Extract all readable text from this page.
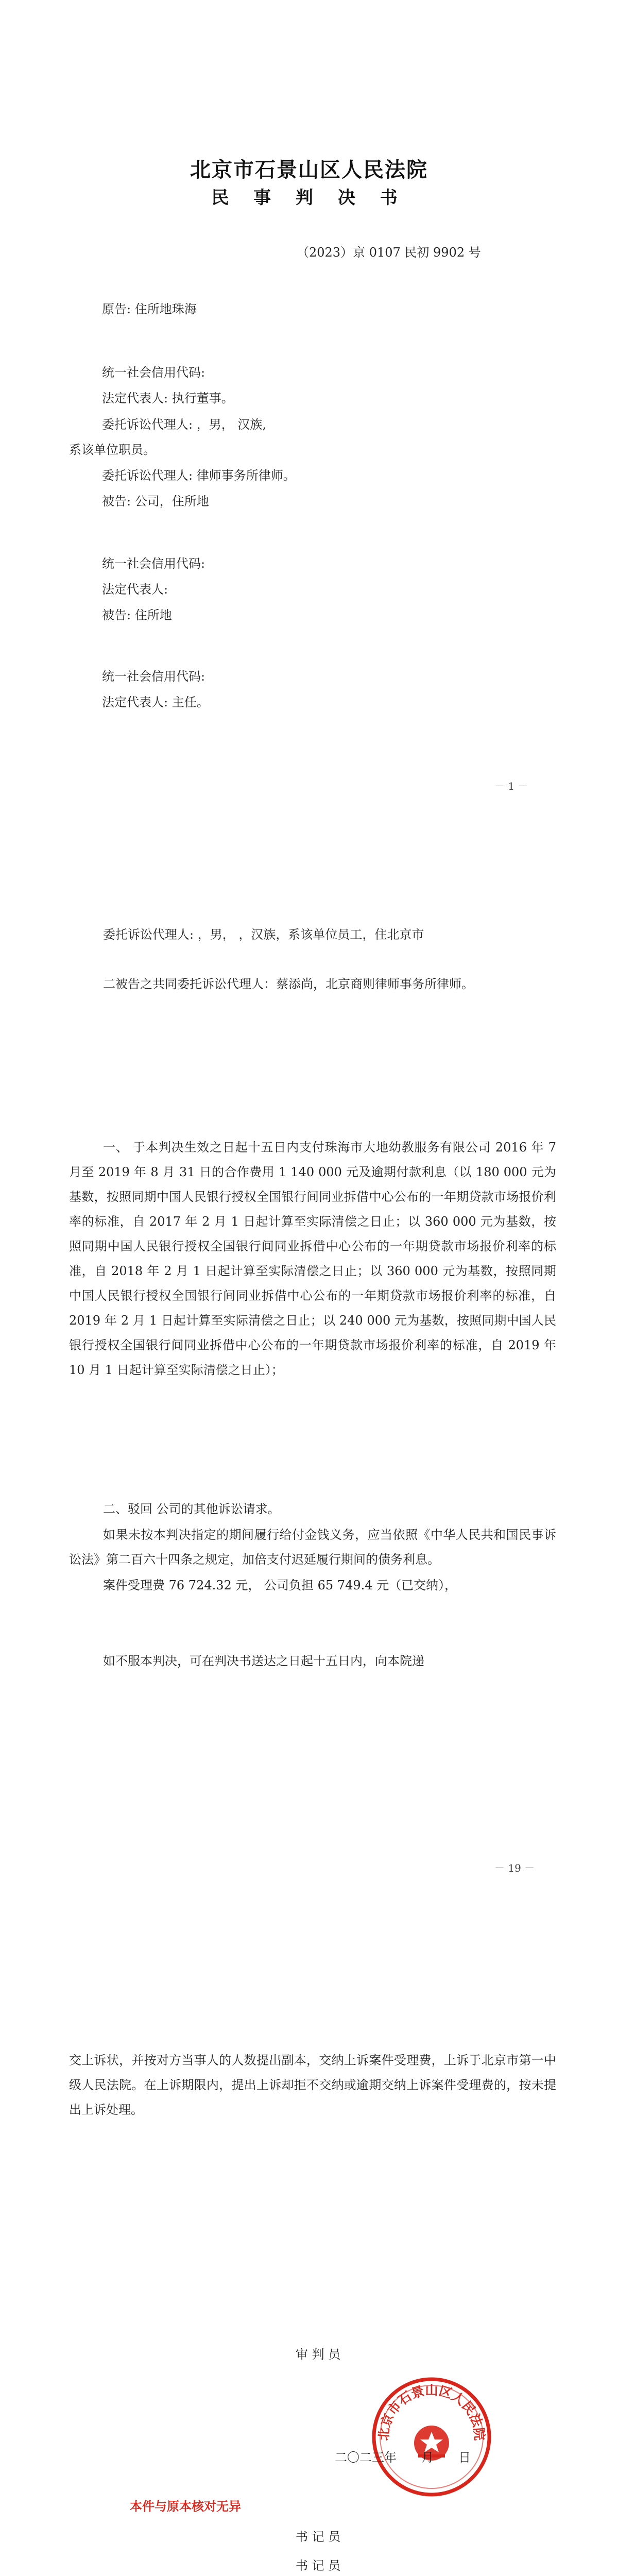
北京市石景山区人民法院
民 事 判 决 书
（2023）京 0107 民初 9902 号
原告: 住所地珠海
统一社会信用代码:
法定代表人: 执行董事。
委托诉讼代理人: ，男， 汉族,
系该单位职员。
委托诉讼代理人: 律师事务所律师。
被告: 公司，住所地
统一社会信用代码:
法定代表人:
被告: 住所地
统一社会信用代码:
法定代表人: 主任。
－ 1 －
委托诉讼代理人: ，男， ，汉族，系该单位员工，住北京市
二被告之共同委托诉讼代理人：蔡添尚，北京商则律师事务所律师。
一、 于本判决生效之日起十五日内支付珠海市大地幼教服务有限公司 2016 年 7 月至 2019 年 8 月 31 日的合作费用 1 140 000 元及逾期付款利息（以 180 000 元为基数，按照同期中国人民银行授权全国银行间同业拆借中心公布的一年期贷款市场报价利率的标准，自 2017 年 2 月 1 日起计算至实际清偿之日止；以 360 000 元为基数，按照同期中国人民银行授权全国银行间同业拆借中心公布的一年期贷款市场报价利率的标准，自 2018 年 2 月 1 日起计算至实际清偿之日止；以 360 000 元为基数，按照同期中国人民银行授权全国银行间同业拆借中心公布的一年期贷款市场报价利率的标准，自 2019 年 2 月 1 日起计算至实际清偿之日止；以 240 000 元为基数，按照同期中国人民银行授权全国银行间同业拆借中心公布的一年期贷款市场报价利率的标准，自 2019 年 10 月 1 日起计算至实际清偿之日止）；
二、驳回 公司的其他诉讼请求。
如果未按本判决指定的期间履行给付金钱义务，应当依照《中华人民共和国民事诉讼法》第二百六十四条之规定，加倍支付迟延履行期间的债务利息。
案件受理费 76 724.32 元， 公司负担 65 749.4 元（已交纳），
如不服本判决，可在判决书送达之日起十五日内，向本院递
－ 19 －
交上诉状，并按对方当事人的人数提出副本，交纳上诉案件受理费，上诉于北京市第一中级人民法院。在上诉期限内，提出上诉却拒不交纳或逾期交纳上诉案件受理费的，按未提出上诉处理。
审 判 员
北京市石景山区人民法院
二〇二三年　　月　　日
本件与原本核对无异
书 记 员
书 记 员
